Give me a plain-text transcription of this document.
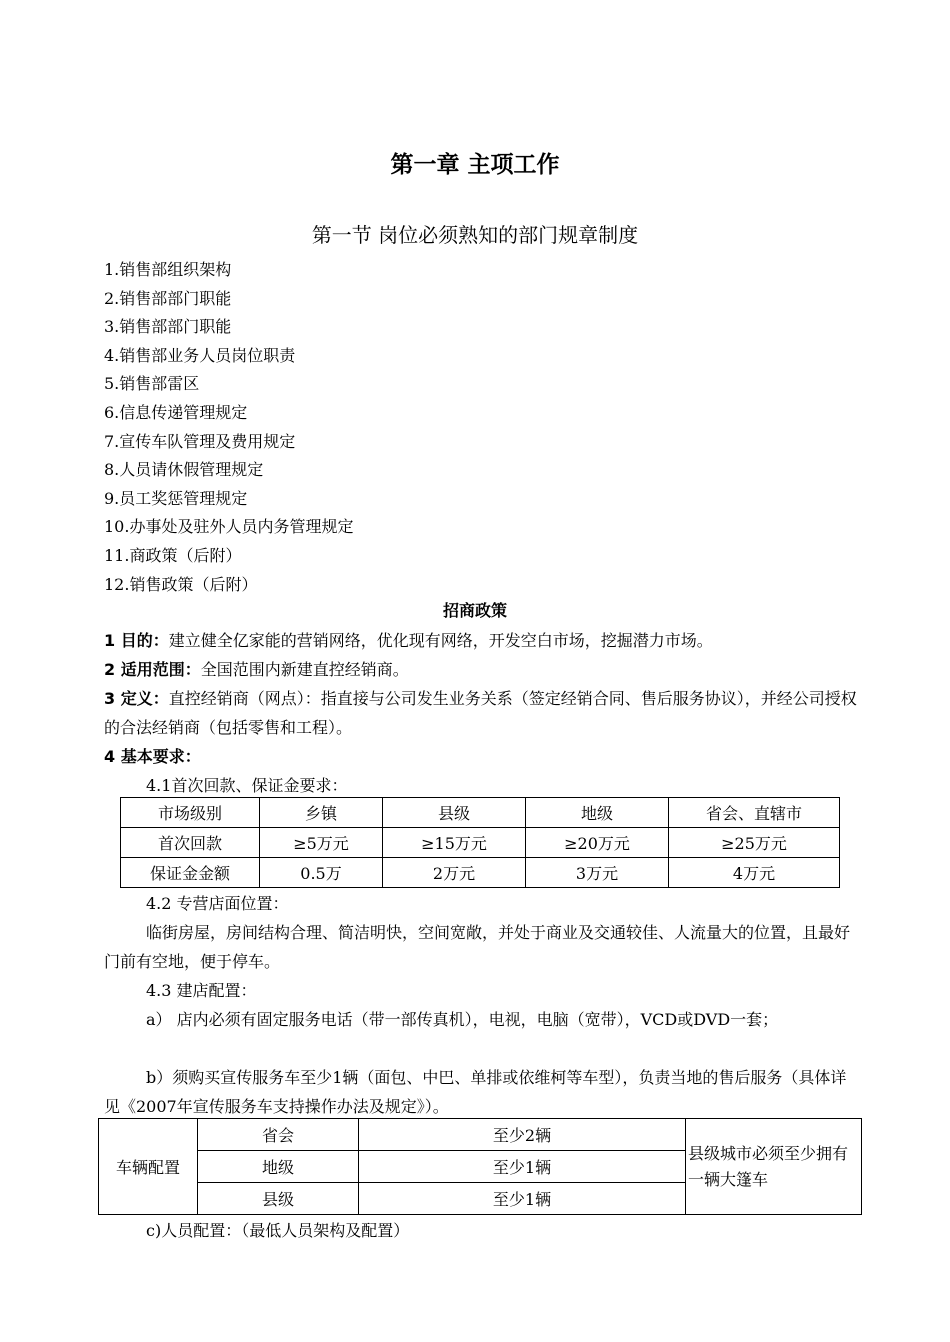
第一章 主项工作
第一节 岗位必须熟知的部门规章制度
1.销售部组织架构
2.销售部部门职能
3.销售部部门职能
4.销售部业务人员岗位职责
5.销售部雷区
6.信息传递管理规定
7.宣传车队管理及费用规定
8.人员请休假管理规定
9.员工奖惩管理规定
10.办事处及驻外人员内务管理规定
11.商政策（后附）
12.销售政策（后附）
招商政策
1 目的：建立健全亿家能的营销网络，优化现有网络，开发空白市场，挖掘潜力市场。
2 适用范围：全国范围内新建直控经销商。
3 定义：直控经销商（网点）：指直接与公司发生业务关系（签定经销合同、售后服务协议），并经公司授权的合法经销商（包括零售和工程）。
4 基本要求：
4.1首次回款、保证金要求：
市场级别	乡镇	县级	地级	省会、直辖市
首次回款	≥5万元	≥15万元	≥20万元	≥25万元
保证金金额	0.5万	2万元	3万元	4万元
4.2 专营店面位置：
临街房屋，房间结构合理、简洁明快，空间宽敞，并处于商业及交通较佳、人流量大的位置，且最好门前有空地，便于停车。
4.3 建店配置：
a） 店内必须有固定服务电话（带一部传真机），电视，电脑（宽带），VCD或DVD一套；
b）须购买宣传服务车至少1辆（面包、中巴、单排或依维柯等车型），负责当地的售后服务（具体详见《2007年宣传服务车支持操作办法及规定》）。
车辆配置	省会	至少2辆	县级城市必须至少拥有一辆大篷车
	地级	至少1辆	
	县级	至少1辆	
c)人员配置：（最低人员架构及配置）
